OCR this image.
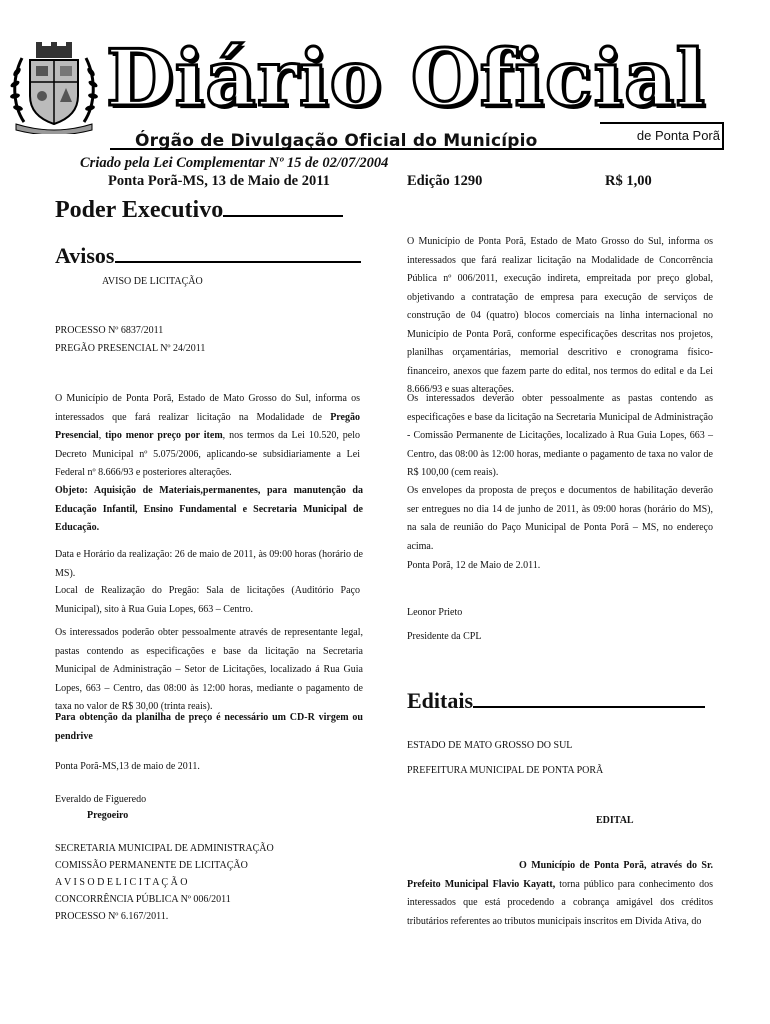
Diário Oficial
Órgão de Divulgação Oficial do Município	de Ponta Porã
Criado pela Lei Complementar Nº 15 de 02/07/2004
Ponta Porã-MS, 13 de Maio de 2011	Edição 1290	R$ 1,00
Poder Executivo
Avisos
Editais
AVISO DE LICITAÇÃO
PROCESSO Nº 6837/2011
PREGÃO PRESENCIAL Nº 24/2011

O Município de Ponta Porã, Estado de Mato Grosso do Sul, informa os interessados que fará realizar licitação na Modalidade de Pregão Presencial, tipo menor preço por item, nos termos da Lei 10.520, pelo Decreto Municipal nº 5.075/2006, aplicando-se subsidiariamente a Lei Federal nº 8.666/93 e posteriores alterações.

Objeto: Aquisição de Materiais,permanentes, para manutenção da Educação Infantil, Ensino Fundamental e Secretaria Municipal de Educação.
Data e Horário da realização: 26 de maio de 2011, às 09:00 horas (horário de MS).
Local de Realização do Pregão: Sala de licitações (Auditório Paço Municipal), sito à Rua Guia Lopes, 663 – Centro.
Os interessados poderão obter pessoalmente através de representante legal, pastas contendo as especificações e base da licitação na Secretaria Municipal de Administração – Setor de Licitações, localizado á Rua Guia Lopes, 663 – Centro, das 08:00 às 12:00 horas, mediante o pagamento de taxa no valor de R$ 30,00 (trinta reais).
Para obtenção da planilha de preço é necessário um CD-R virgem ou pendrive
Ponta Porã-MS,13 de maio de 2011.
Everaldo de Figueredo
Pregoeiro
SECRETARIA MUNICIPAL DE ADMINISTRAÇÃO
COMISSÃO PERMANENTE DE LICITAÇÃO
A V I S O D E L I C I T A Ç Ã O
CONCORRÊNCIA PÚBLICA Nº 006/2011
PROCESSO Nº 6.167/2011.
O Município de Ponta Porã, Estado de Mato Grosso do Sul, informa os interessados que fará realizar licitação na Modalidade de Concorrência Pública nº 006/2011, execução indireta, empreitada por preço global, objetivando a contratação de empresa para execução de serviços de construção de 04 (quatro) blocos comerciais na linha internacional no Município de Ponta Porã, conforme especificações descritas nos projetos, planilhas orçamentárias, memorial descritivo e cronograma físico-financeiro, anexos que fazem parte do edital, nos termos do edital e da Lei 8.666/93 e suas alterações.
Os interessados deverão obter pessoalmente as pastas contendo as especificações e base da licitação na Secretaria Municipal de Administração - Comissão Permanente de Licitações, localizado à Rua Guia Lopes, 663 – Centro, das 08:00 às 12:00 horas, mediante o pagamento de taxa no valor de R$ 100,00 (cem reais).
Os envelopes da proposta de preços e documentos de habilitação deverão ser entregues no dia 14 de junho de 2011, às 09:00 horas (horário do MS), na sala de reunião do Paço Municipal de Ponta Porã – MS, no endereço acima.
Ponta Porã, 12 de Maio de 2.011.
Leonor Prieto
Presidente da CPL
ESTADO DE MATO GROSSO DO SUL
PREFEITURA MUNICIPAL DE PONTA PORÃ
EDITAL

O Município de Ponta Porã, através do Sr. Prefeito Municipal Flavio Kayatt, torna público para conhecimento dos interessados que está procedendo a cobrança amigável dos créditos tributários referentes ao tributos municipais inscritos em Divida Ativa, do
